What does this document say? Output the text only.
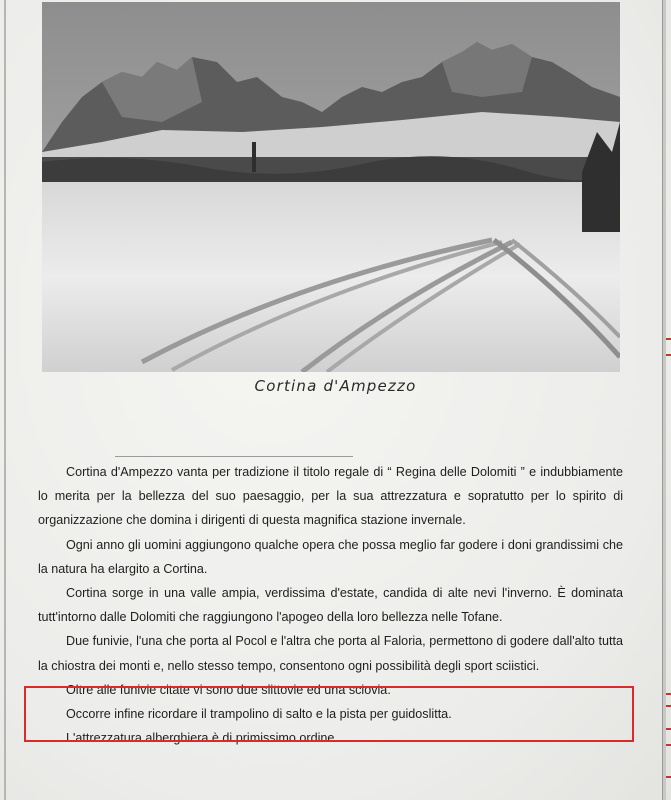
Cortina d'Ampezzo

Cortina d'Ampezzo vanta per tradizione il titolo regale di “ Regina delle Dolomiti ” e indubbiamente lo merita per la bellezza del suo paesaggio, per la sua attrezzatura e sopratutto per lo spirito di organizzazione che domina i dirigenti di questa magnifica stazione invernale.

Ogni anno gli uomini aggiungono qualche opera che possa meglio far godere i doni grandissimi che la natura ha elargito a Cortina.

Cortina sorge in una valle ampia, verdissima d'estate, candida di alte nevi l'inverno. È dominata tutt'intorno dalle Dolomiti che raggiungono l'apogeo della loro bellezza nelle Tofane.

Due funivie, l'una che porta al Pocol e l'altra che porta al Faloria, permettono di godere dall'alto tutta la chiostra dei monti e, nello stesso tempo, consentono ogni possibilità degli sport sciistici.

Oltre alle funivie citate vi sono due slittovie ed una sciovia.

Occorre infine ricordare il trampolino di salto e la pista per guidoslitta.

L'attrezzatura alberghiera è di primissimo ordine.
